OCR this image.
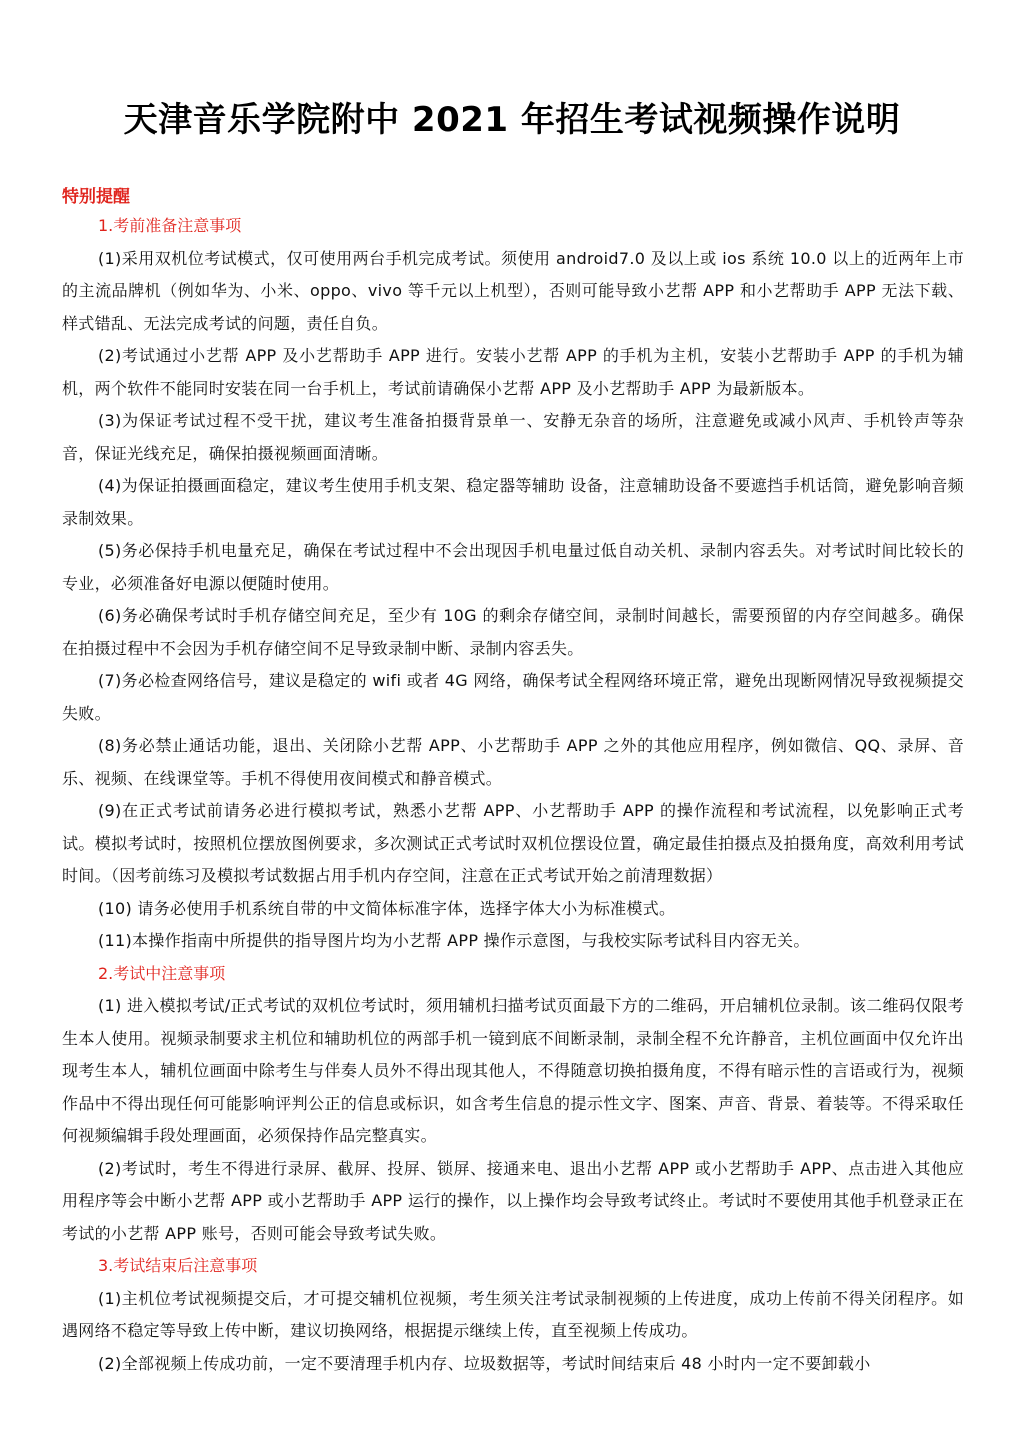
天津音乐学院附中 2021 年招生考试视频操作说明
特别提醒
1.考前准备注意事项

(1)采用双机位考试模式，仅可使用两台手机完成考试。须使用 android7.0 及以上或 ios 系统 10.0 以上的近两年上市的主流品牌机（例如华为、小米、oppo、vivo 等千元以上机型），否则可能导致小艺帮 APP 和小艺帮助手 APP 无法下载、样式错乱、无法完成考试的问题，责任自负。

(2)考试通过小艺帮 APP 及小艺帮助手 APP 进行。安装小艺帮 APP 的手机为主机，安装小艺帮助手 APP 的手机为辅机，两个软件不能同时安装在同一台手机上，考试前请确保小艺帮 APP 及小艺帮助手 APP 为最新版本。

(3)为保证考试过程不受干扰，建议考生准备拍摄背景单一、安静无杂音的场所，注意避免或减小风声、手机铃声等杂音，保证光线充足，确保拍摄视频画面清晰。

(4)为保证拍摄画面稳定，建议考生使用手机支架、稳定器等辅助 设备，注意辅助设备不要遮挡手机话筒，避免影响音频录制效果。

(5)务必保持手机电量充足，确保在考试过程中不会出现因手机电量过低自动关机、录制内容丢失。对考试时间比较长的专业，必须准备好电源以便随时使用。

(6)务必确保考试时手机存储空间充足，至少有 10G 的剩余存储空间，录制时间越长，需要预留的内存空间越多。确保在拍摄过程中不会因为手机存储空间不足导致录制中断、录制内容丢失。

(7)务必检查网络信号，建议是稳定的 wifi 或者 4G 网络，确保考试全程网络环境正常，避免出现断网情况导致视频提交失败。

(8)务必禁止通话功能，退出、关闭除小艺帮 APP、小艺帮助手 APP 之外的其他应用程序，例如微信、QQ、录屏、音乐、视频、在线课堂等。手机不得使用夜间模式和静音模式。

(9)在正式考试前请务必进行模拟考试，熟悉小艺帮 APP、小艺帮助手 APP 的操作流程和考试流程，以免影响正式考试。模拟考试时，按照机位摆放图例要求，多次测试正式考试时双机位摆设位置，确定最佳拍摄点及拍摄角度，高效利用考试时间。（因考前练习及模拟考试数据占用手机内存空间，注意在正式考试开始之前清理数据）

(10) 请务必使用手机系统自带的中文简体标准字体，选择字体大小为标准模式。

(11)本操作指南中所提供的指导图片均为小艺帮 APP 操作示意图，与我校实际考试科目内容无关。

2.考试中注意事项

(1) 进入模拟考试/正式考试的双机位考试时，须用辅机扫描考试页面最下方的二维码，开启辅机位录制。该二维码仅限考生本人使用。视频录制要求主机位和辅助机位的两部手机一镜到底不间断录制，录制全程不允许静音，主机位画面中仅允许出现考生本人，辅机位画面中除考生与伴奏人员外不得出现其他人，不得随意切换拍摄角度，不得有暗示性的言语或行为，视频作品中不得出现任何可能影响评判公正的信息或标识，如含考生信息的提示性文字、图案、声音、背景、着装等。不得采取任何视频编辑手段处理画面，必须保持作品完整真实。

(2)考试时，考生不得进行录屏、截屏、投屏、锁屏、接通来电、退出小艺帮 APP 或小艺帮助手 APP、点击进入其他应用程序等会中断小艺帮 APP 或小艺帮助手 APP 运行的操作，以上操作均会导致考试终止。考试时不要使用其他手机登录正在考试的小艺帮 APP 账号，否则可能会导致考试失败。

3.考试结束后注意事项

(1)主机位考试视频提交后，才可提交辅机位视频，考生须关注考试录制视频的上传进度，成功上传前不得关闭程序。如遇网络不稳定等导致上传中断，建议切换网络，根据提示继续上传，直至视频上传成功。

(2)全部视频上传成功前，一定不要清理手机内存、垃圾数据等，考试时间结束后 48 小时内一定不要卸载小
